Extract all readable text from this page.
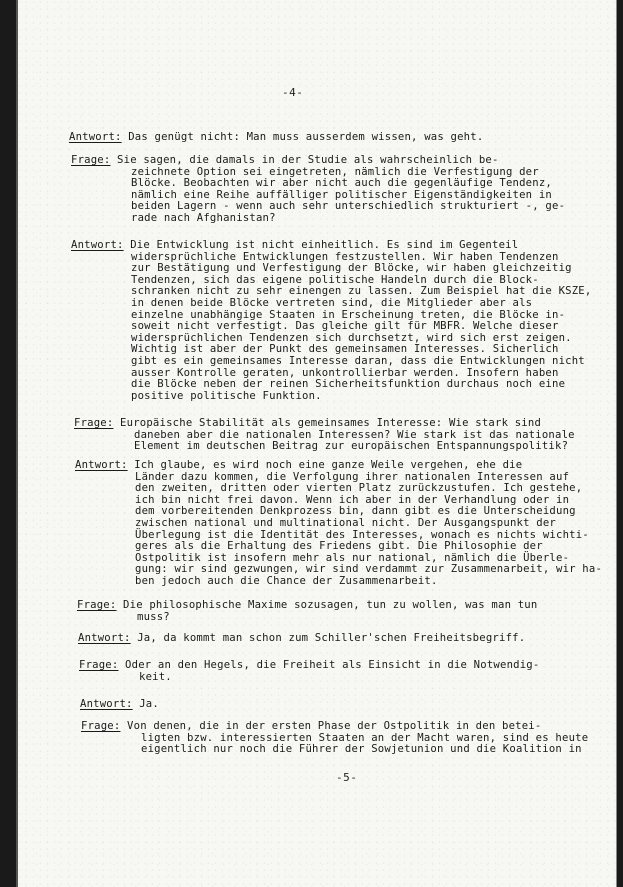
-4-
Antwort: Das genügt nicht: Man muss ausserdem wissen, was geht.
Frage: Sie sagen, die damals in der Studie als wahrscheinlich be-
zeichnete Option sei eingetreten, nämlich die Verfestigung der
Blöcke. Beobachten wir aber nicht auch die gegenläufige Tendenz,
nämlich eine Reihe auffälliger politischer Eigenständigkeiten in
beiden Lagern - wenn auch sehr unterschiedlich strukturiert -, ge-
rade nach Afghanistan?
Antwort: Die Entwicklung ist nicht einheitlich. Es sind im Gegenteil
widersprüchliche Entwicklungen festzustellen. Wir haben Tendenzen
zur Bestätigung und Verfestigung der Blöcke, wir haben gleichzeitig
Tendenzen, sich das eigene politische Handeln durch die Block-
schranken nicht zu sehr einengen zu lassen. Zum Beispiel hat die KSZE,
in denen beide Blöcke vertreten sind, die Mitglieder aber als
einzelne unabhängige Staaten in Erscheinung treten, die Blöcke in-
soweit nicht verfestigt. Das gleiche gilt für MBFR. Welche dieser
widersprüchlichen Tendenzen sich durchsetzt, wird sich erst zeigen.
Wichtig ist aber der Punkt des gemeinsamen Interesses. Sicherlich
gibt es ein gemeinsames Interesse daran, dass die Entwicklungen nicht
ausser Kontrolle geraten, unkontrollierbar werden. Insofern haben
die Blöcke neben der reinen Sicherheitsfunktion durchaus noch eine
positive politische Funktion.
Frage: Europäische Stabilität als gemeinsames Interesse: Wie stark sind
daneben aber die nationalen Interessen? Wie stark ist das nationale
Element im deutschen Beitrag zur europäischen Entspannungspolitik?
Antwort: Ich glaube, es wird noch eine ganze Weile vergehen, ehe die
Länder dazu kommen, die Verfolgung ihrer nationalen Interessen auf
den zweiten, dritten oder vierten Platz zurückzustufen. Ich gestehe,
ich bin nicht frei davon. Wenn ich aber in der Verhandlung oder in
dem vorbereitenden Denkprozess bin, dann gibt es die Unterscheidung
zwischen national und multinational nicht. Der Ausgangspunkt der
Überlegung ist die Identität des Interesses, wonach es nichts wichti-
geres als die Erhaltung des Friedens gibt. Die Philosophie der
Ostpolitik ist insofern mehr als nur national, nämlich die Überle-
gung: wir sind gezwungen, wir sind verdammt zur Zusammenarbeit, wir ha-
ben jedoch auch die Chance der Zusammenarbeit.
Frage: Die philosophische Maxime sozusagen, tun zu wollen, was man tun
muss?
Antwort: Ja, da kommt man schon zum Schiller'schen Freiheitsbegriff.
Frage: Oder an den Hegels, die Freiheit als Einsicht in die Notwendig-
keit.
Antwort: Ja.
Frage: Von denen, die in der ersten Phase der Ostpolitik in den betei-
ligten bzw. interessierten Staaten an der Macht waren, sind es heute
eigentlich nur noch die Führer der Sowjetunion und die Koalition in
-5-
